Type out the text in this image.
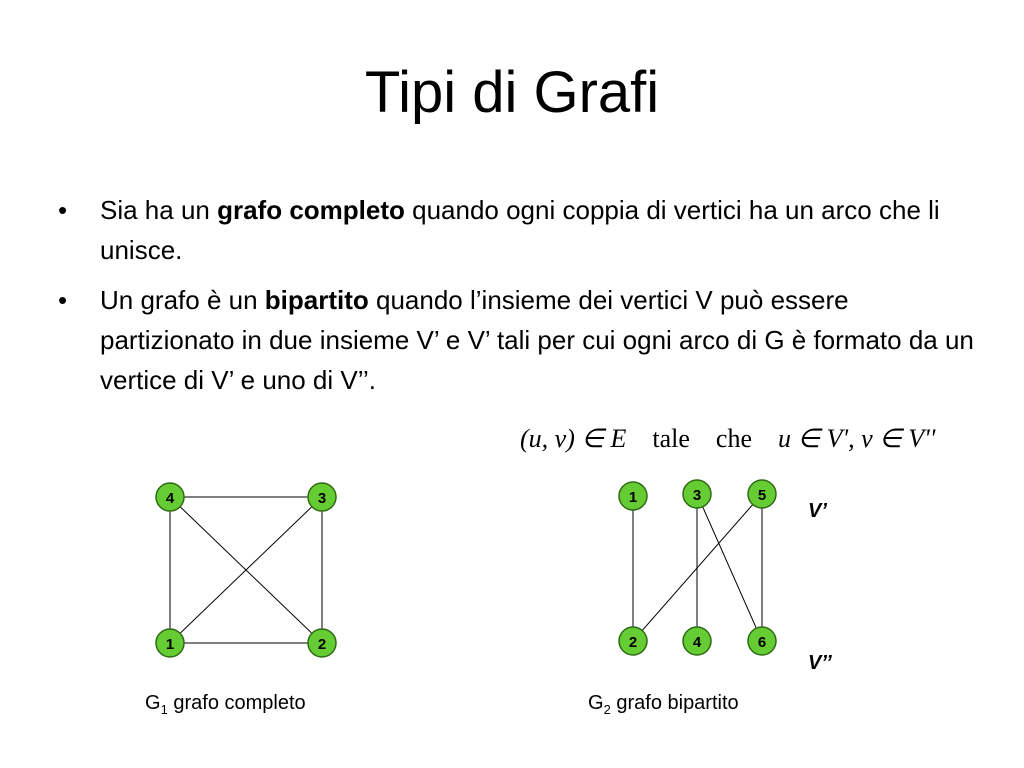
Tipi di Grafi
• Sia ha un grafo completo quando ogni coppia di vertici ha un arco che li unisce.
• Un grafo è un bipartito quando l’insieme dei vertici V può essere partizionato in due insieme V’ e V’ tali per cui ogni arco di G è formato da un vertice di V’ e uno di V’’.
(u, v) ∈ E tale che u ∈ V', v ∈ V''
4	3
1	2
1	3	5
2	4	6
V’
V’’
$G_1$ grafo completo	$G_2$ grafo bipartito
